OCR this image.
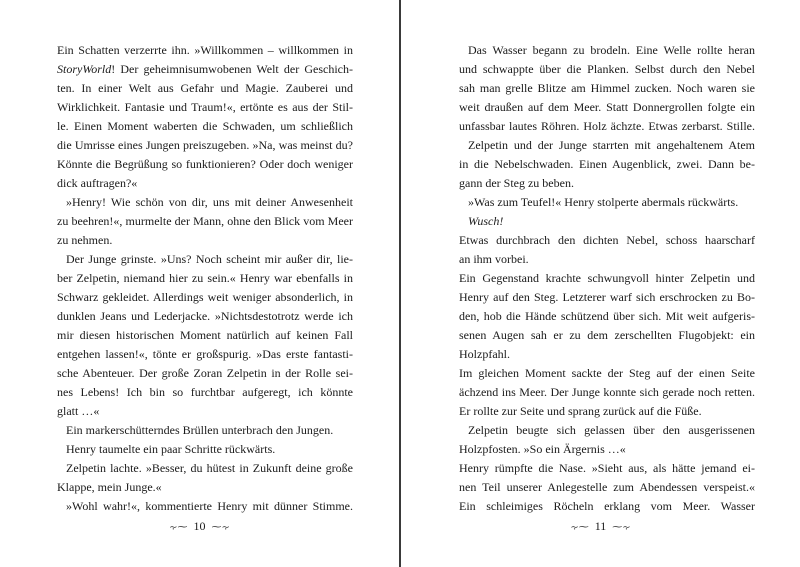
Ein Schatten verzerrte ihn. »Willkommen – willkommen in
StoryWorld! Der geheimnisumwobenen Welt der Geschich-
ten. In einer Welt aus Gefahr und Magie. Zauberei und
Wirklichkeit. Fantasie und Traum!«, ertönte es aus der Stil-
le. Einen Moment waberten die Schwaden, um schließlich
die Umrisse eines Jungen preiszugeben. »Na, was meinst du?
Könnte die Begrüßung so funktionieren? Oder doch weniger
dick auftragen?«
»Henry! Wie schön von dir, uns mit deiner Anwesenheit
zu beehren!«, murmelte der Mann, ohne den Blick vom Meer
zu nehmen.
Der Junge grinste. »Uns? Noch scheint mir außer dir, lie-
ber Zelpetin, niemand hier zu sein.« Henry war ebenfalls in
Schwarz gekleidet. Allerdings weit weniger absonderlich, in
dunklen Jeans und Lederjacke. »Nichtsdestotrotz werde ich
mir diesen historischen Moment natürlich auf keinen Fall
entgehen lassen!«, tönte er großspurig. »Das erste fantasti-
sche Abenteuer. Der große Zoran Zelpetin in der Rolle sei-
nes Lebens! Ich bin so furchtbar aufgeregt, ich könnte
glatt …«
Ein markerschütterndes Brüllen unterbrach den Jungen.
Henry taumelte ein paar Schritte rückwärts.
Zelpetin lachte. »Besser, du hütest in Zukunft deine große
Klappe, mein Junge.«
»Wohl wahr!«, kommentierte Henry mit dünner Stimme.
⸟⁓ 10 ⁓⸟
Das Wasser begann zu brodeln. Eine Welle rollte heran
und schwappte über die Planken. Selbst durch den Nebel
sah man grelle Blitze am Himmel zucken. Noch waren sie
weit draußen auf dem Meer. Statt Donnergrollen folgte ein
unfassbar lautes Röhren. Holz ächzte. Etwas zerbarst. Stille.
Zelpetin und der Junge starrten mit angehaltenem Atem
in die Nebelschwaden. Einen Augenblick, zwei. Dann be-
gann der Steg zu beben.
»Was zum Teufel!« Henry stolperte abermals rückwärts.
Wusch!
Etwas durchbrach den dichten Nebel, schoss haarscharf
an ihm vorbei.
Ein Gegenstand krachte schwungvoll hinter Zelpetin und
Henry auf den Steg. Letzterer warf sich erschrocken zu Bo-
den, hob die Hände schützend über sich. Mit weit aufgeris-
senen Augen sah er zu dem zerschellten Flugobjekt: ein
Holzpfahl.
Im gleichen Moment sackte der Steg auf der einen Seite
ächzend ins Meer. Der Junge konnte sich gerade noch retten.
Er rollte zur Seite und sprang zurück auf die Füße.
Zelpetin beugte sich gelassen über den ausgerissenen
Holzpfosten. »So ein Ärgernis …«
Henry rümpfte die Nase. »Sieht aus, als hätte jemand ei-
nen Teil unserer Anlegestelle zum Abendessen verspeist.«
Ein schleimiges Röcheln erklang vom Meer. Wasser
⸟⁓ 11 ⁓⸟
